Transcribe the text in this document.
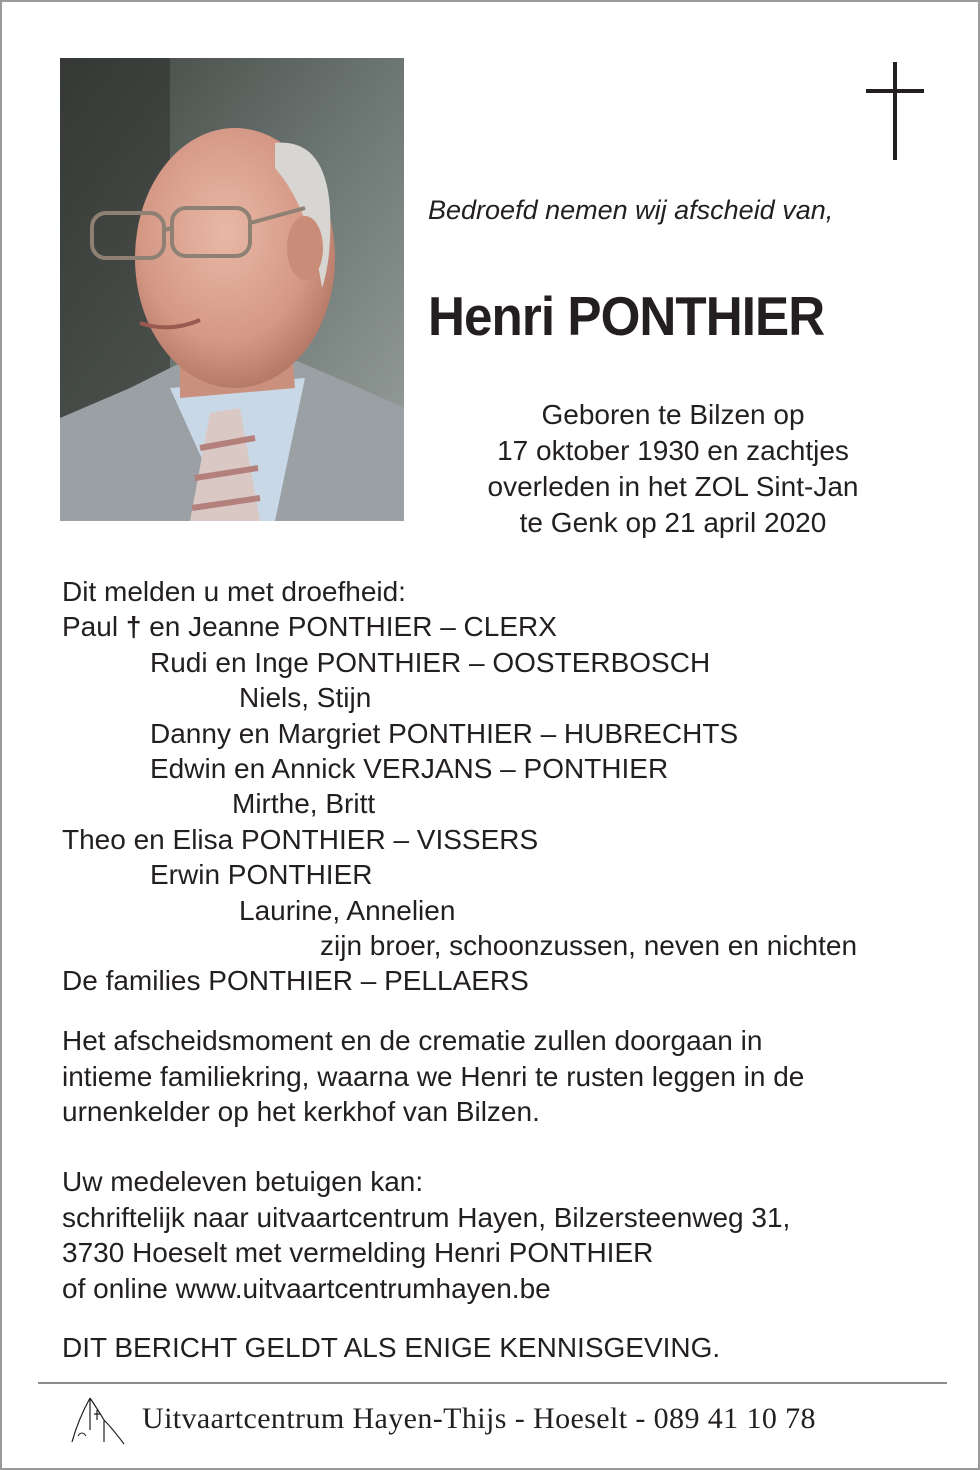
Bedroefd nemen wij afscheid van,
Henri PONTHIER
Geboren te Bilzen op
17 oktober 1930 en zachtjes
overleden in het ZOL Sint-Jan
te Genk op 21 april 2020
Dit melden u met droefheid:
Paul † en Jeanne PONTHIER – CLERX
Rudi en Inge PONTHIER – OOSTERBOSCH
Niels, Stijn
Danny en Margriet PONTHIER – HUBRECHTS
Edwin en Annick VERJANS – PONTHIER
Mirthe, Britt
Theo en Elisa PONTHIER – VISSERS
Erwin PONTHIER
Laurine, Annelien
zijn broer, schoonzussen, neven en nichten
De families PONTHIER – PELLAERS
Het afscheidsmoment en de crematie zullen doorgaan in
intieme familiekring, waarna we Henri te rusten leggen in de
urnenkelder op het kerkhof van Bilzen.
Uw medeleven betuigen kan:
schriftelijk naar uitvaartcentrum Hayen, Bilzersteenweg 31,
3730 Hoeselt met vermelding Henri PONTHIER
of online www.uitvaartcentrumhayen.be
DIT BERICHT GELDT ALS ENIGE KENNISGEVING.
Uitvaartcentrum Hayen-Thijs - Hoeselt - 089 41 10 78
